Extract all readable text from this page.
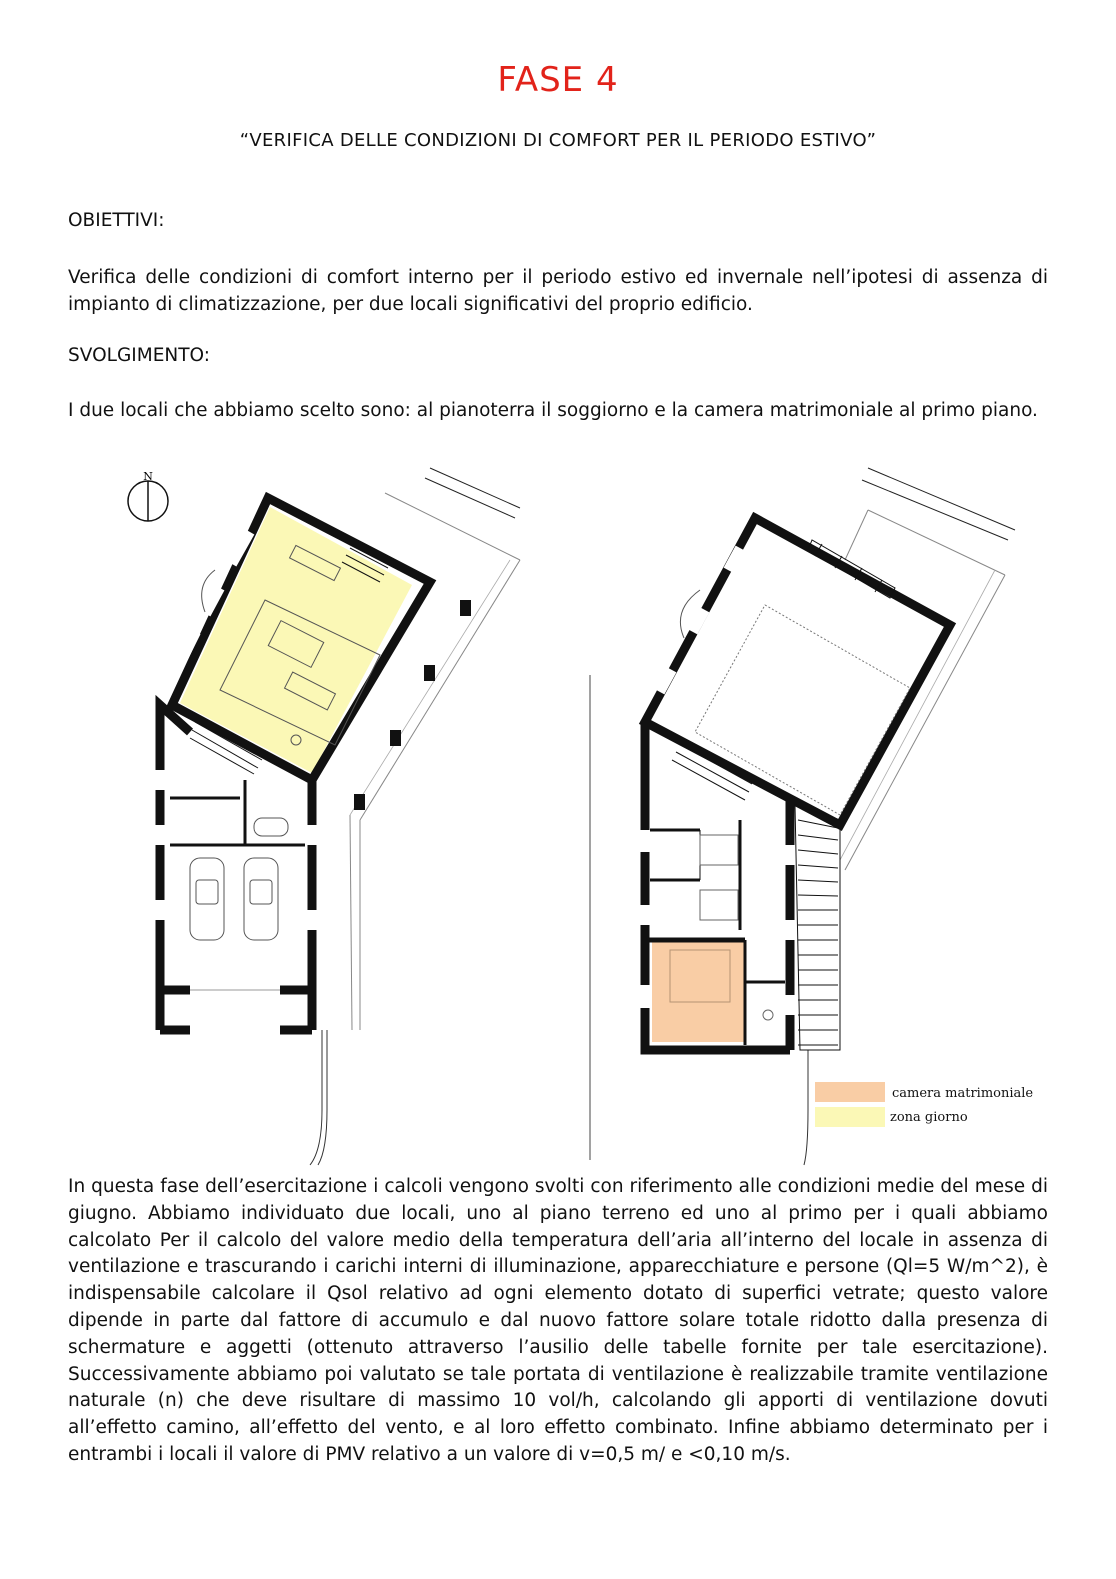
FASE 4
“VERIFICA DELLE CONDIZIONI DI COMFORT PER IL PERIODO ESTIVO”
OBIETTIVI:
Verifica delle condizioni di comfort interno per il periodo estivo ed invernale nell’ipotesi di assenza di impianto di climatizzazione, per due locali significativi del proprio edificio.
SVOLGIMENTO:
I due locali che abbiamo scelto sono: al pianoterra il soggiorno e la camera matrimoniale al primo piano.
N
camera matrimoniale
zona giorno
In questa fase dell’esercitazione i calcoli vengono svolti con riferimento alle condizioni medie del mese di giugno. Abbiamo individuato due locali, uno al piano terreno ed uno al primo per i quali abbiamo calcolato Per il calcolo del valore medio della temperatura dell’aria all’interno del locale in assenza di ventilazione e trascurando i carichi interni di illuminazione, apparecchiature e persone (Ql=5 W/m^2), è indispensabile calcolare il Qsol relativo ad ogni elemento dotato di superfici vetrate; questo valore dipende in parte dal fattore di accumulo e dal nuovo fattore solare totale ridotto dalla presenza di schermature e aggetti (ottenuto attraverso l’ausilio delle tabelle fornite per tale esercitazione). Successivamente abbiamo poi valutato se tale portata di ventilazione è realizzabile tramite ventilazione naturale (n) che deve risultare di massimo 10 vol/h, calcolando gli apporti di ventilazione dovuti all’effetto camino, all’effetto del vento, e al loro effetto combinato. Infine abbiamo determinato per i entrambi i locali il valore di PMV relativo a un valore di v=0,5 m/ e <0,10 m/s.
